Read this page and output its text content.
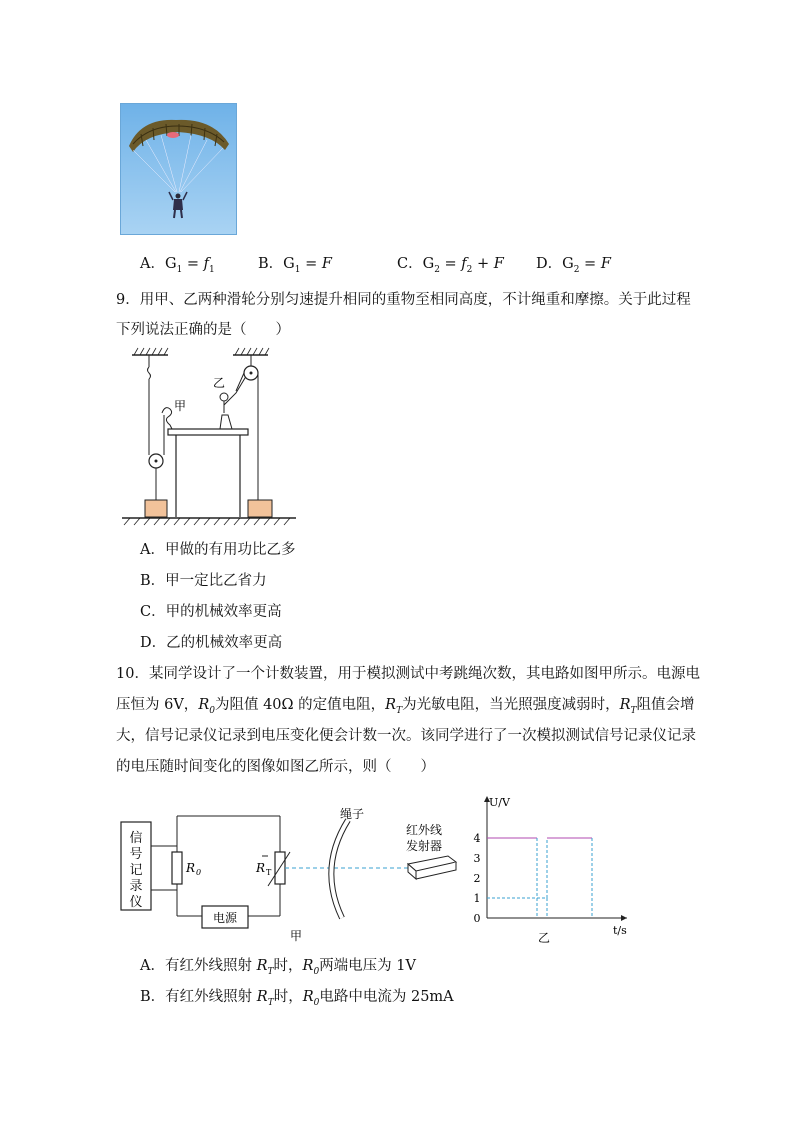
A．$G_1 = f_1$	B．$G_1 = F$	C．$G_2 = f_2 + F$ D．$G_2 = F$
9．用甲、乙两种滑轮分别匀速提升相同的重物至相同高度，不计绳重和摩擦。关于此过程
下列说法正确的是（　　）
甲
乙
A．甲做的有用功比乙多
B．甲一定比乙省力
C．甲的机械效率更高
D．乙的机械效率更高
10．某同学设计了一个计数装置，用于模拟测试中考跳绳次数，其电路如图甲所示。电源电
压恒为 6V，$R_0$为阻值 40Ω 的定值电阻，$R_T$为光敏电阻，当光照强度减弱时，$R_T$阻值会增
大，信号记录仪记录到电压变化便会计数一次。该同学进行了一次模拟测试信号记录仪记录
的电压随时间变化的图像如图乙所示，则（　　）
信号记录仪
R 0	R T
电源
绳子
红外线
发射器
甲
0
1
2
3
4
U/V
t/s
乙
A．有红外线照射 $R_T$时，$R_0$两端电压为 1V
B．有红外线照射 $R_T$时，$R_0$电路中电流为 25mA
